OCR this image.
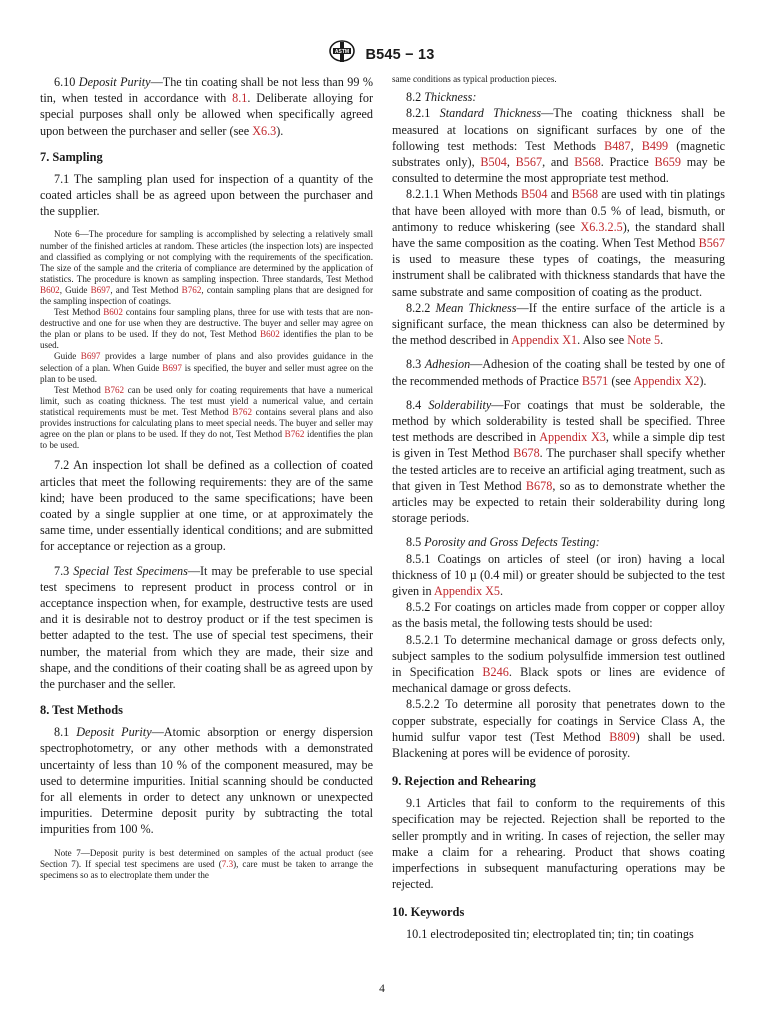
ASTM B545 − 13

6.10 Deposit Purity—The tin coating shall be not less than 99 % tin, when tested in accordance with 8.1. Deliberate alloying for special purposes shall only be allowed when specifically agreed upon between the purchaser and seller (see X6.3).

7. Sampling

7.1 The sampling plan used for inspection of a quantity of the coated articles shall be as agreed upon between the purchaser and the supplier.

Note 6—The procedure for sampling is accomplished by selecting a relatively small number of the finished articles at random. These articles (the inspection lots) are inspected and classified as complying or not complying with the requirements of the specification. The size of the sample and the criteria of compliance are determined by the application of statistics. The procedure is known as sampling inspection. Three standards, Test Method B602, Guide B697, and Test Method B762, contain sampling plans that are designed for the sampling inspection of coatings.

Test Method B602 contains four sampling plans, three for use with tests that are non-destructive and one for use when they are destructive. The buyer and seller may agree on the plan or plans to be used. If they do not, Test Method B602 identifies the plan to be used.

Guide B697 provides a large number of plans and also provides guidance in the selection of a plan. When Guide B697 is specified, the buyer and seller must agree on the plan to be used.

Test Method B762 can be used only for coating requirements that have a numerical limit, such as coating thickness. The test must yield a numerical value, and certain statistical requirements must be met. Test Method B762 contains several plans and also provides instructions for calculating plans to meet special needs. The buyer and seller may agree on the plan or plans to be used. If they do not, Test Method B762 identifies the plan to be used.

7.2 An inspection lot shall be defined as a collection of coated articles that meet the following requirements: they are of the same kind; have been produced to the same specifications; have been coated by a single supplier at one time, or at approximately the same time, under essentially identical conditions; and are submitted for acceptance or rejection as a group.

7.3 Special Test Specimens—It may be preferable to use special test specimens to represent product in process control or in acceptance inspection when, for example, destructive tests are used and it is desirable not to destroy product or if the test specimen is better adapted to the test. The use of special test specimens, their number, the material from which they are made, their size and shape, and the conditions of their coating shall be as agreed upon by the purchaser and the seller.

8. Test Methods

8.1 Deposit Purity—Atomic absorption or energy dispersion spectrophotometry, or any other methods with a demonstrated uncertainty of less than 10 % of the component measured, may be used to determine impurities. Initial scanning should be conducted for all elements in order to detect any unknown or unexpected impurities. Determine deposit purity by subtracting the total impurities from 100 %.

Note 7—Deposit purity is best determined on samples of the actual product (see Section 7). If special test specimens are used (7.3), care must be taken to arrange the specimens so as to electroplate them under the

same conditions as typical production pieces.

8.2 Thickness:

8.2.1 Standard Thickness—The coating thickness shall be measured at locations on significant surfaces by one of the following test methods: Test Methods B487, B499 (magnetic substrates only), B504, B567, and B568. Practice B659 may be consulted to determine the most appropriate test method.

8.2.1.1 When Methods B504 and B568 are used with tin platings that have been alloyed with more than 0.5 % of lead, bismuth, or antimony to reduce whiskering (see X6.3.2.5), the standard shall have the same composition as the coating. When Test Method B567 is used to measure these types of coatings, the measuring instrument shall be calibrated with thickness standards that have the same substrate and same composition of coating as the product.

8.2.2 Mean Thickness—If the entire surface of the article is a significant surface, the mean thickness can also be determined by the method described in Appendix X1. Also see Note 5.

8.3 Adhesion—Adhesion of the coating shall be tested by one of the recommended methods of Practice B571 (see Appendix X2).

8.4 Solderability—For coatings that must be solderable, the method by which solderability is tested shall be specified. Three test methods are described in Appendix X3, while a simple dip test is given in Test Method B678. The purchaser shall specify whether the tested articles are to receive an artificial aging treatment, such as that given in Test Method B678, so as to demonstrate whether the articles may be expected to retain their solderability during long storage periods.

8.5 Porosity and Gross Defects Testing:

8.5.1 Coatings on articles of steel (or iron) having a local thickness of 10 µ (0.4 mil) or greater should be subjected to the test given in Appendix X5.

8.5.2 For coatings on articles made from copper or copper alloy as the basis metal, the following tests should be used:

8.5.2.1 To determine mechanical damage or gross defects only, subject samples to the sodium polysulfide immersion test outlined in Specification B246. Black spots or lines are evidence of mechanical damage or gross defects.

8.5.2.2 To determine all porosity that penetrates down to the copper substrate, especially for coatings in Service Class A, the humid sulfur vapor test (Test Method B809) shall be used. Blackening at pores will be evidence of porosity.

9. Rejection and Rehearing

9.1 Articles that fail to conform to the requirements of this specification may be rejected. Rejection shall be reported to the seller promptly and in writing. In cases of rejection, the seller may make a claim for a rehearing. Product that shows coating imperfections in subsequent manufacturing operations may be rejected.

10. Keywords

10.1 electrodeposited tin; electroplated tin; tin; tin coatings

4
